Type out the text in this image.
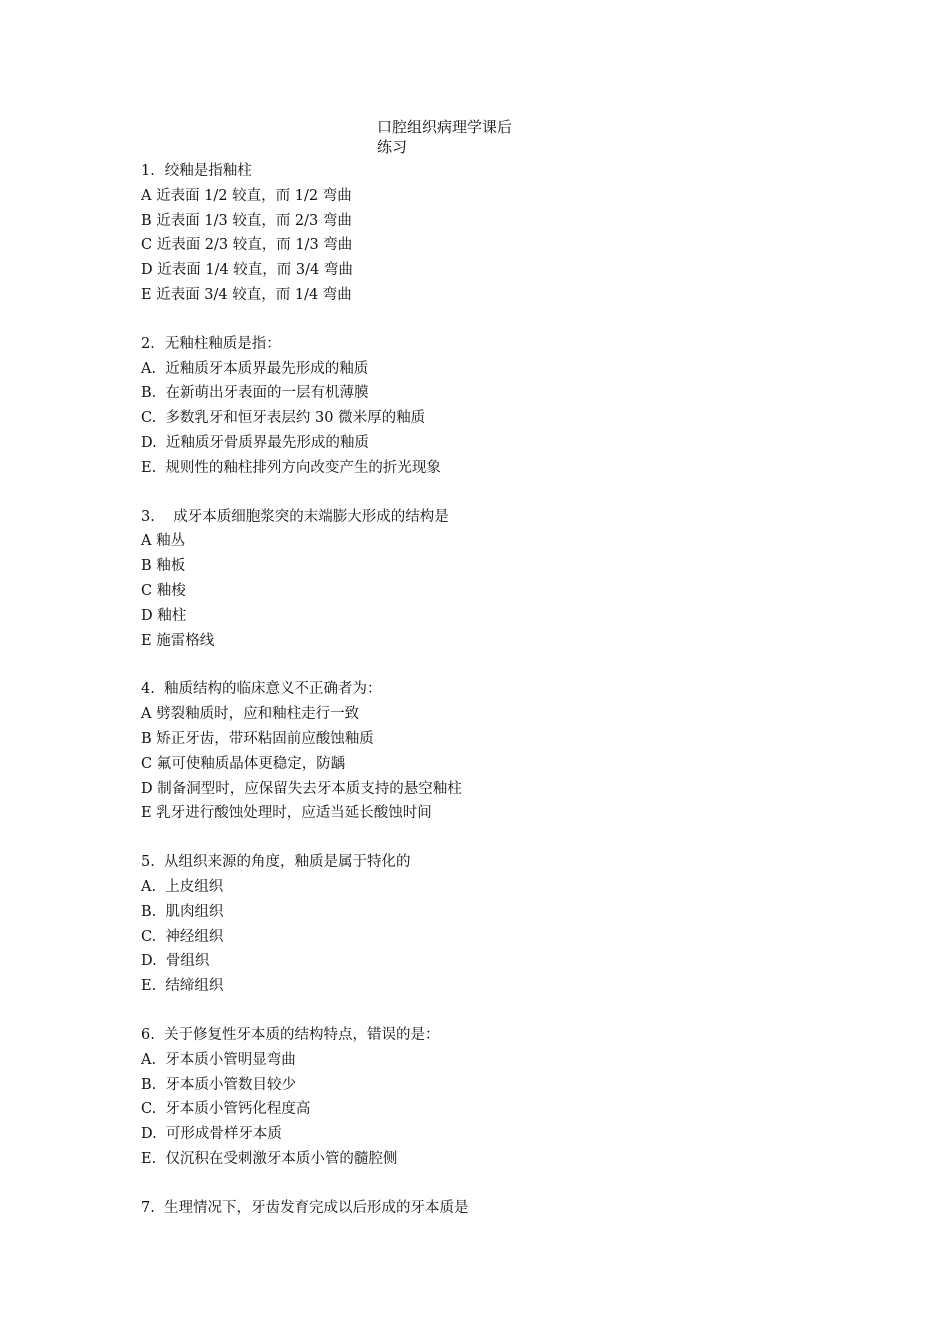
口腔组织病理学课后
练习
1．绞釉是指釉柱
A 近表面 1/2 较直，而 1/2 弯曲
B 近表面 1/3 较直，而 2/3 弯曲
C 近表面 2/3 较直，而 1/3 弯曲
D 近表面 1/4 较直，而 3/4 弯曲
E 近表面 3/4 较直，而 1/4 弯曲
2．无釉柱釉质是指：
A.  近釉质牙本质界最先形成的釉质
B.  在新萌出牙表面的一层有机薄膜
C.  多数乳牙和恒牙表层约 30 微米厚的釉质
D.  近釉质牙骨质界最先形成的釉质
E.  规则性的釉柱排列方向改变产生的折光现象
3.    成牙本质细胞浆突的末端膨大形成的结构是
A 釉丛
B 釉板
C 釉梭
D 釉柱
E 施雷格线
4.  釉质结构的临床意义不正确者为：
A 劈裂釉质时，应和釉柱走行一致
B 矫正牙齿，带环粘固前应酸蚀釉质
C 氟可使釉质晶体更稳定，防龋
D 制备洞型时，应保留失去牙本质支持的悬空釉柱
E 乳牙进行酸蚀处理时，应适当延长酸蚀时间
5.  从组织来源的角度，釉质是属于特化的
A.  上皮组织
B.  肌肉组织
C.  神经组织
D.  骨组织
E.  结缔组织
6.  关于修复性牙本质的结构特点，错误的是：
A.  牙本质小管明显弯曲
B.  牙本质小管数目较少
C.  牙本质小管钙化程度高
D.  可形成骨样牙本质
E.  仅沉积在受刺激牙本质小管的髓腔侧
7.  生理情况下，牙齿发育完成以后形成的牙本质是
